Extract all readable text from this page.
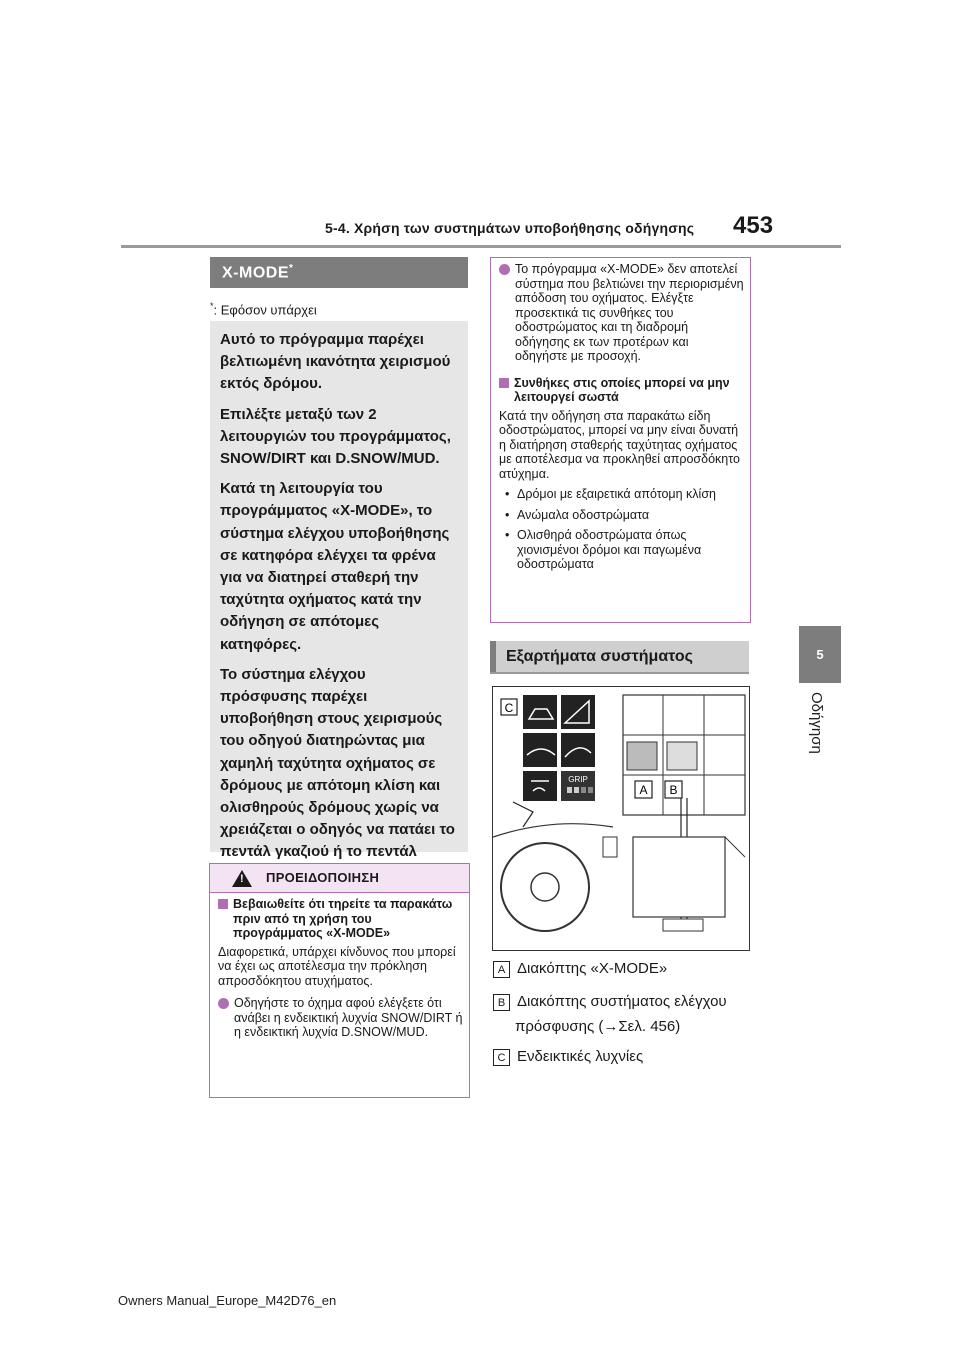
5-4. Χρήση των συστημάτων υποβοήθησης οδήγησης 453
5
Οδήγηση
X-MODE*
*: Εφόσον υπάρχει

Αυτό το πρόγραμμα παρέχει βελτιωμένη ικανότητα χειρισμού εκτός δρόμου.

Επιλέξτε μεταξύ των 2 λειτουργιών του προγράμματος, SNOW/DIRT και D.SNOW/MUD.

Κατά τη λειτουργία του προγράμματος «X-MODE», το σύστημα ελέγχου υποβοήθησης σε κατηφόρα ελέγχει τα φρένα για να διατηρεί σταθερή την ταχύτητα οχήματος κατά την οδήγηση σε απότομες κατηφόρες.

Το σύστημα ελέγχου πρόσφυσης παρέχει υποβοήθηση στους χειρισμούς του οδηγού διατηρώντας μια χαμηλή ταχύτητα οχήματος σε δρόμους με απότομη κλίση και ολισθηρούς δρόμους χωρίς να χρειάζεται ο οδηγός να πατάει το πεντάλ γκαζιού ή το πεντάλ

!
ΠΡΟΕΙΔΟΠΟΙΗΣΗ
Βεβαιωθείτε ότι τηρείτε τα παρακάτω πριν από τη χρήση του προγράμματος «X-MODE»
Διαφορετικά, υπάρχει κίνδυνος που μπορεί να έχει ως αποτέλεσμα την πρόκληση απροσδόκητου ατυχήματος.
Οδηγήστε το όχημα αφού ελέγξετε ότι ανάβει η ενδεικτική λυχνία SNOW/DIRT ή η ενδεικτική λυχνία D.SNOW/MUD.
Το πρόγραμμα «X-MODE» δεν αποτελεί σύστημα που βελτιώνει την περιορισμένη απόδοση του οχήματος. Ελέγξτε προσεκτικά τις συνθήκες του οδοστρώματος και τη διαδρομή οδήγησης εκ των προτέρων και οδηγήστε με προσοχή.
Συνθήκες στις οποίες μπορεί να μην λειτουργεί σωστά
Κατά την οδήγηση στα παρακάτω είδη οδοστρώματος, μπορεί να μην είναι δυνατή η διατήρηση σταθερής ταχύτητας οχήματος με αποτέλεσμα να προκληθεί απροσδόκητο ατύχημα.
• Δρόμοι με εξαιρετικά απότομη κλίση
• Ανώμαλα οδοστρώματα
• Ολισθηρά οδοστρώματα όπως χιονισμένοι δρόμοι και παγωμένα οδοστρώματα
Εξαρτήματα συστήματος
C
GRIP
A B
A Διακόπτης «X-MODE»
B Διακόπτης συστήματος ελέγχου
πρόσφυσης (→Σελ. 456)
C Ενδεικτικές λυχνίες
Owners Manual_Europe_M42D76_en
